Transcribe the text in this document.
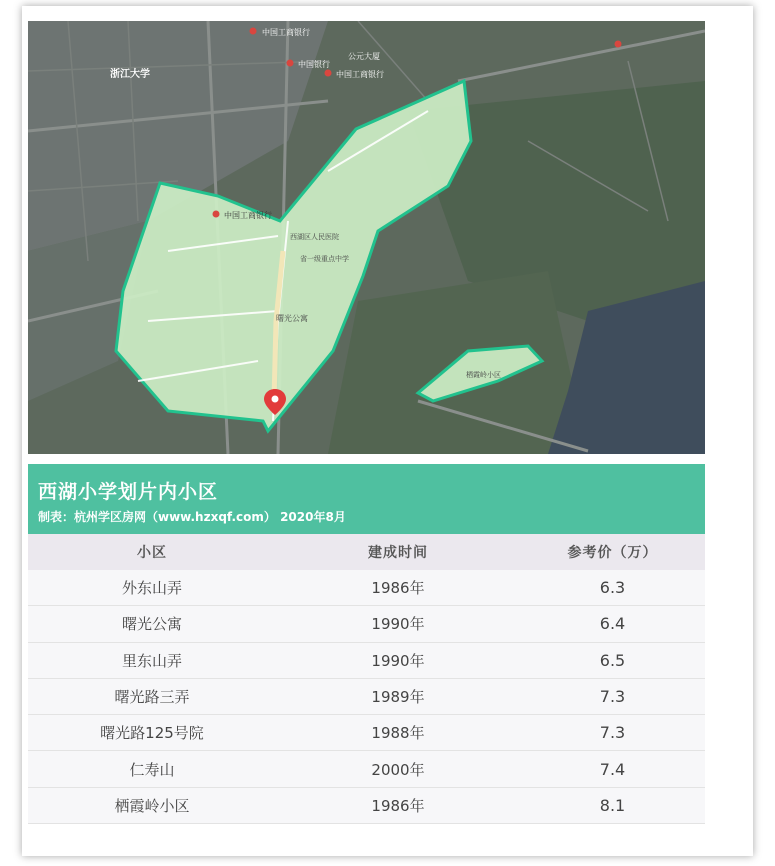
浙江大学
中国工商银行
中国银行
中国工商银行
公元大厦
中国工商银行
西湖区人民医院
省一级重点中学
曙光公寓
栖霞岭小区
西湖小学划片内小区
制表：杭州学区房网（www.hzxqf.com） 2020年8月
小区	建成时间	参考价（万）
外东山弄	1986年	6.3
曙光公寓	1990年	6.4
里东山弄	1990年	6.5
曙光路三弄	1989年	7.3
曙光路125号院	1988年	7.3
仁寿山	2000年	7.4
栖霞岭小区	1986年	8.1
